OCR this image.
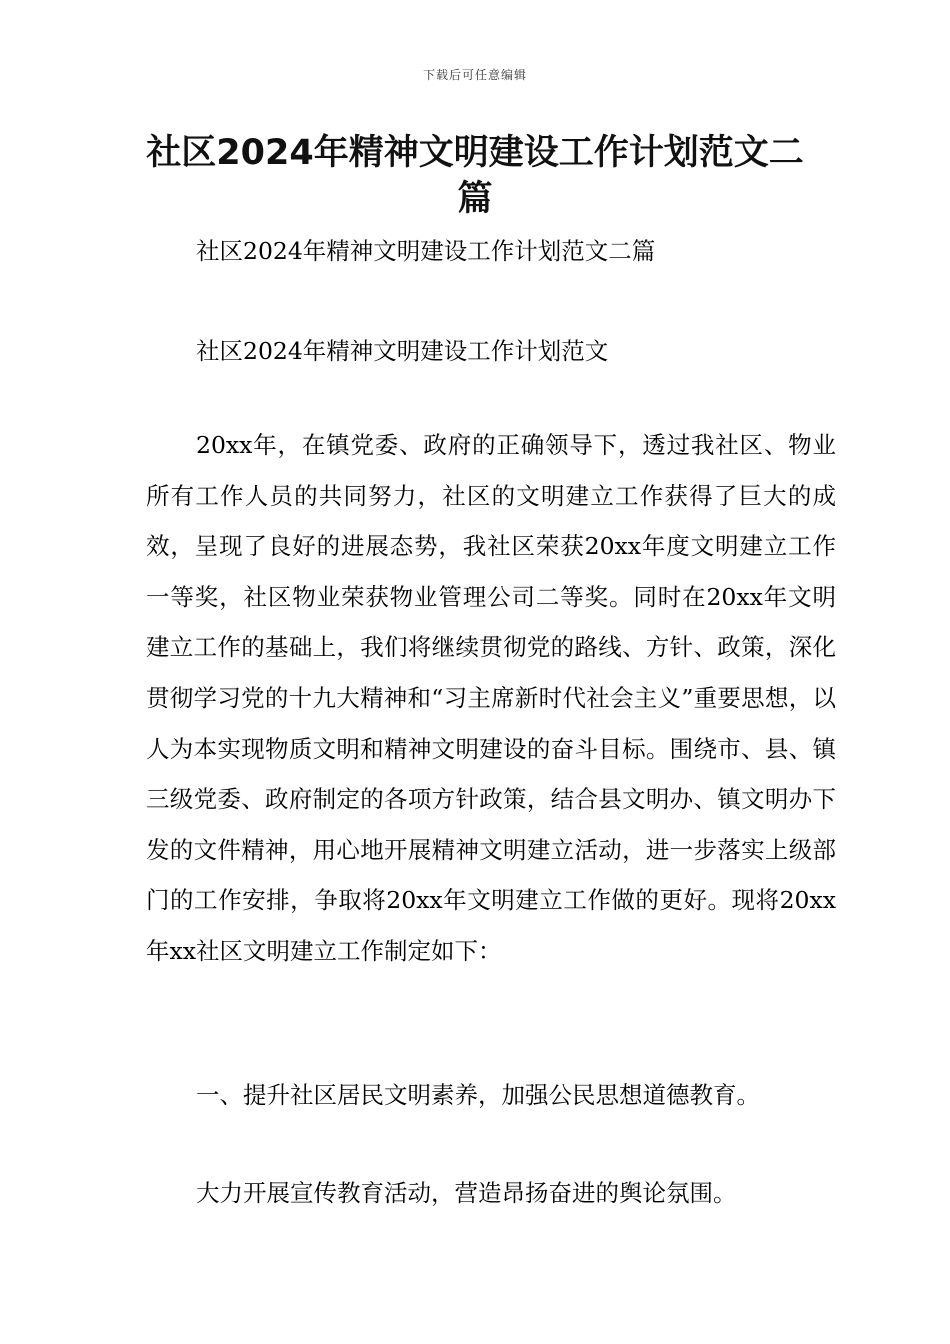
下载后可任意编辑
社区2024年精神文明建设工作计划范文二篇

社区2024年精神文明建设工作计划范文二篇

社区2024年精神文明建设工作计划范文

20xx年，在镇党委、政府的正确领导下，透过我社区、物业所有工作人员的共同努力，社区的文明建立工作获得了巨大的成效，呈现了良好的进展态势，我社区荣获20xx年度文明建立工作一等奖，社区物业荣获物业管理公司二等奖。同时在20xx年文明建立工作的基础上，我们将继续贯彻党的路线、方针、政策，深化贯彻学习党的十九大精神和“习主席新时代社会主义”重要思想，以人为本实现物质文明和精神文明建设的奋斗目标。围绕市、县、镇三级党委、政府制定的各项方针政策，结合县文明办、镇文明办下发的文件精神，用心地开展精神文明建立活动，进一步落实上级部门的工作安排，争取将20xx年文明建立工作做的更好。现将20xx年xx社区文明建立工作制定如下：

一、提升社区居民文明素养，加强公民思想道德教育。

大力开展宣传教育活动，营造昂扬奋进的舆论氛围。
